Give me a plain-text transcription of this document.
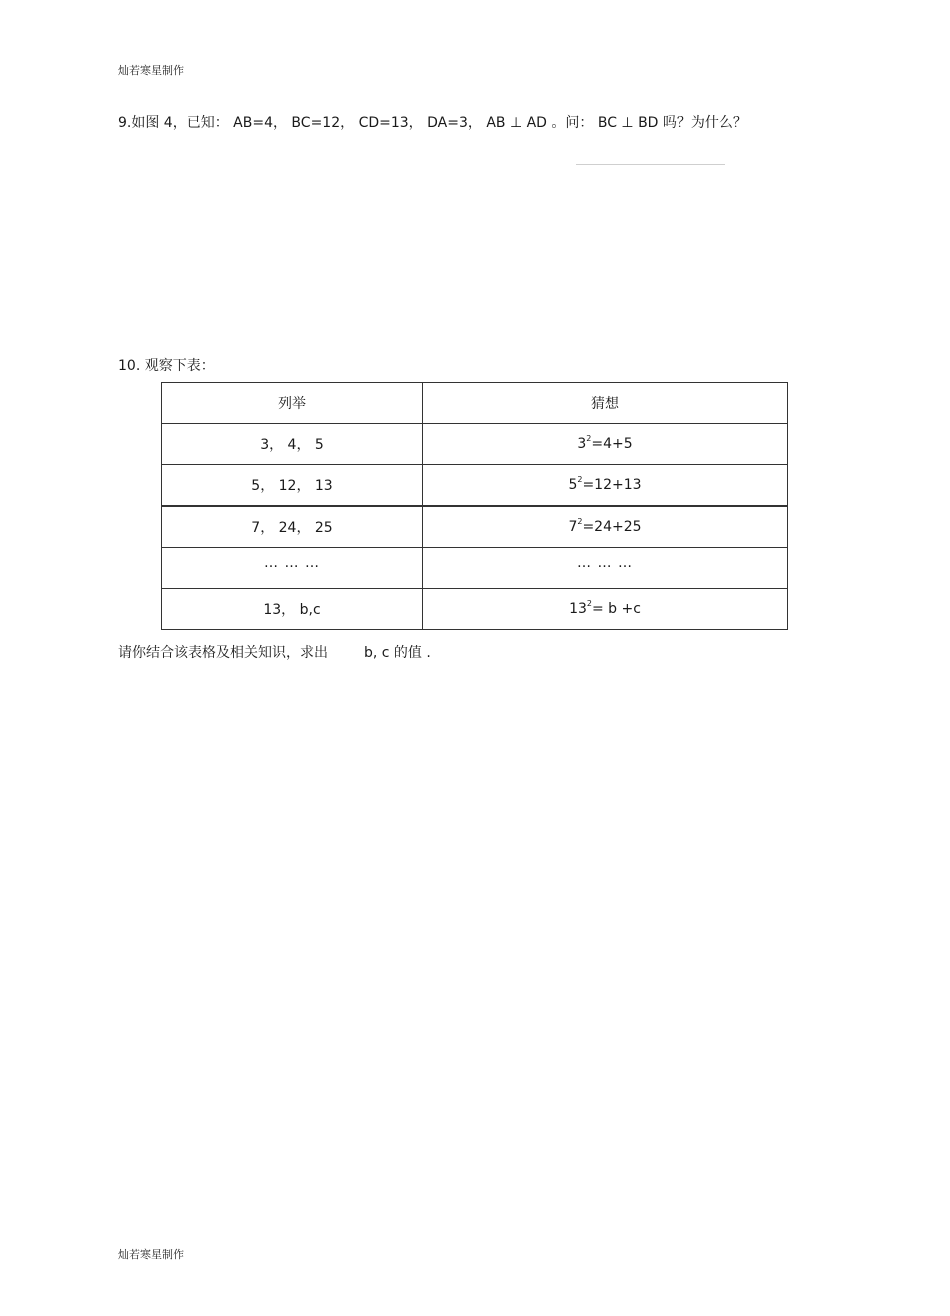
灿若寒星制作
9.如图 4，已知： AB=4， BC=12， CD=13， DA=3， AB ⊥ AD 。问： BC ⊥ BD 吗？为什么？
10. 观察下表：
列举	猜想
3， 4， 5	$3^2=4+5$
5， 12， 13	$5^2=12+13$
7， 24， 25	$7^2=24+25$
… … …	… … …
13， b,c	$13^2= b +c$
请你结合该表格及相关知识，求出	b, c 的值 .
灿若寒星制作
